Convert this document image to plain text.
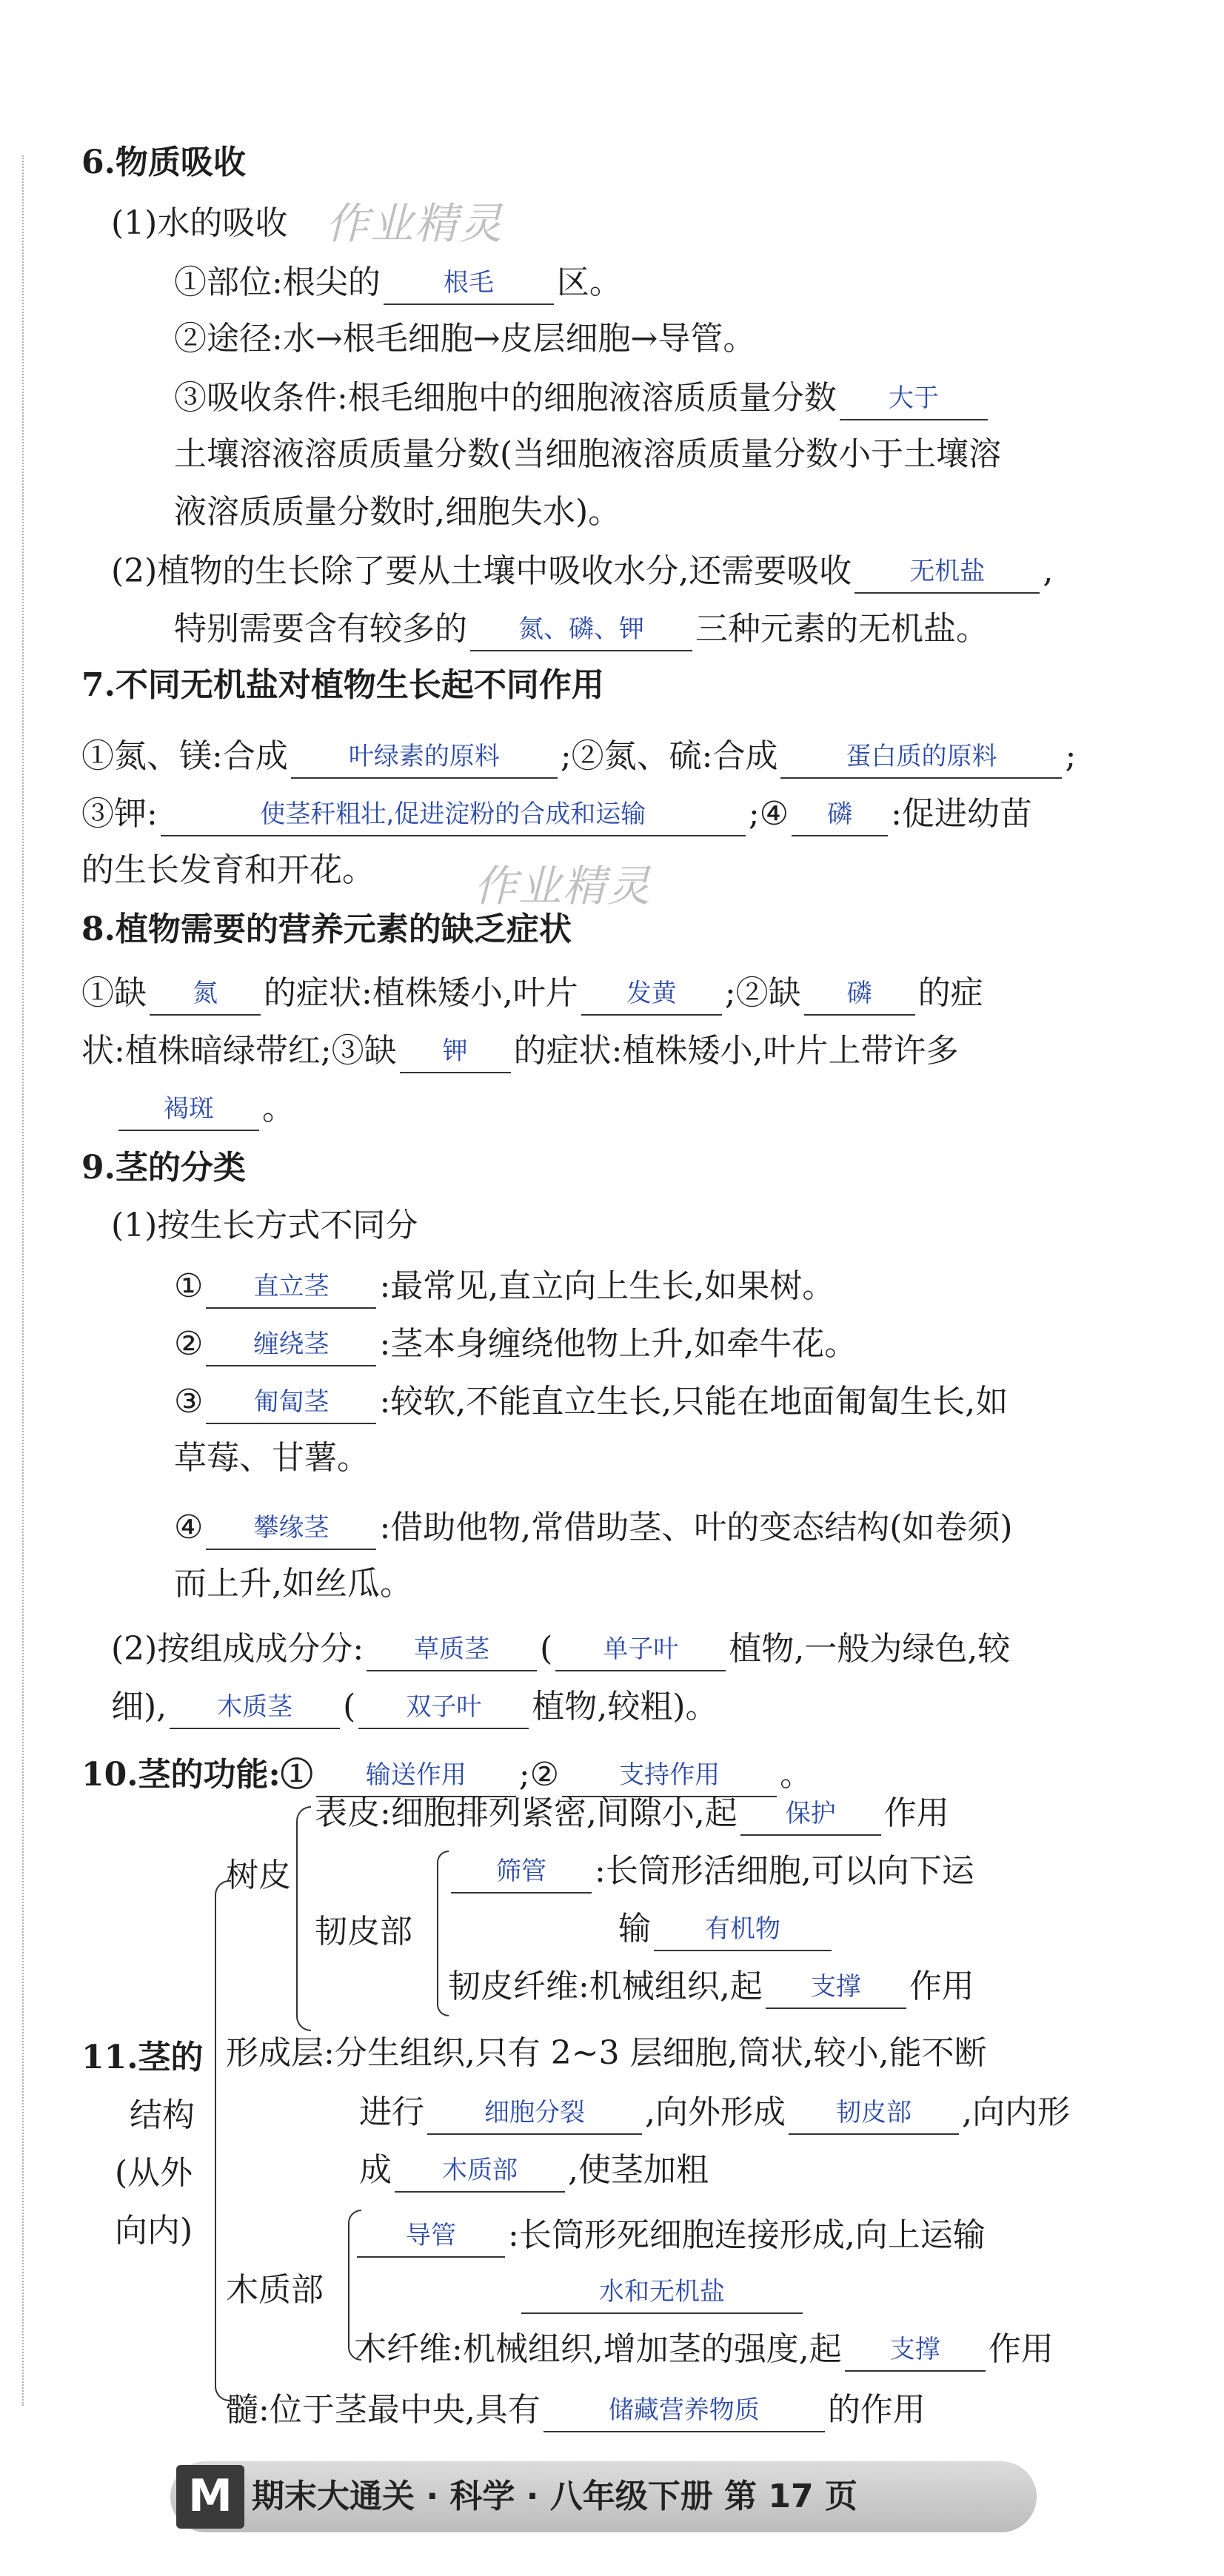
作业精灵
作业精灵
6.物质吸收
(1)水的吸收
①部位:根尖的	根毛	区。
②途径:水→根毛细胞→皮层细胞→导管。
③吸收条件:根毛细胞中的细胞液溶质质量分数	大于
土壤溶液溶质质量分数(当细胞液溶质质量分数小于土壤溶
液溶质质量分数时,细胞失水)。
(2)植物的生长除了要从土壤中吸收水分,还需要吸收	无机盐	,
特别需要含有较多的	氮、磷、钾	三种元素的无机盐。
7.不同无机盐对植物生长起不同作用
①氮、镁:合成	叶绿素的原料	;②氮、硫:合成	蛋白质的原料	;
③钾:	使茎秆粗壮,促进淀粉的合成和运输	;④	磷	:促进幼苗
的生长发育和开花。
8.植物需要的营养元素的缺乏症状
①缺	氮	的症状:植株矮小,叶片	发黄	;②缺	磷	的症
状:植株暗绿带红;③缺	钾	的症状:植株矮小,叶片上带许多
褐斑	。
9.茎的分类
(1)按生长方式不同分
①	直立茎	:最常见,直立向上生长,如果树。
②	缠绕茎	:茎本身缠绕他物上升,如牵牛花。
③	匍匐茎	:较软,不能直立生长,只能在地面匍匐生长,如
草莓、甘薯。
④	攀缘茎	:借助他物,常借助茎、叶的变态结构(如卷须)
而上升,如丝瓜。
(2)按组成成分分:	草质茎	(	单子叶	植物,一般为绿色,较
细),	木质茎	(	双子叶	植物,较粗)。
10.茎的功能:①	输送作用	;②	支持作用	。
11.茎的
结构
(从外
向内)
树皮
表皮:细胞排列紧密,间隙小,起	保护	作用
韧皮部
筛管	:长筒形活细胞,可以向下运
输	有机物
韧皮纤维:机械组织,起	支撑	作用
形成层:分生组织,只有 2~3 层细胞,筒状,较小,能不断
进行	细胞分裂	,向外形成	韧皮部	,向内形
成	木质部	,使茎加粗
木质部
导管	:长筒形死细胞连接形成,向上运输
水和无机盐
木纤维:机械组织,增加茎的强度,起	支撑	作用
髓:位于茎最中央,具有	储藏营养物质	的作用
M 期末大通关 · 科学 · 八年级下册 第 17 页
